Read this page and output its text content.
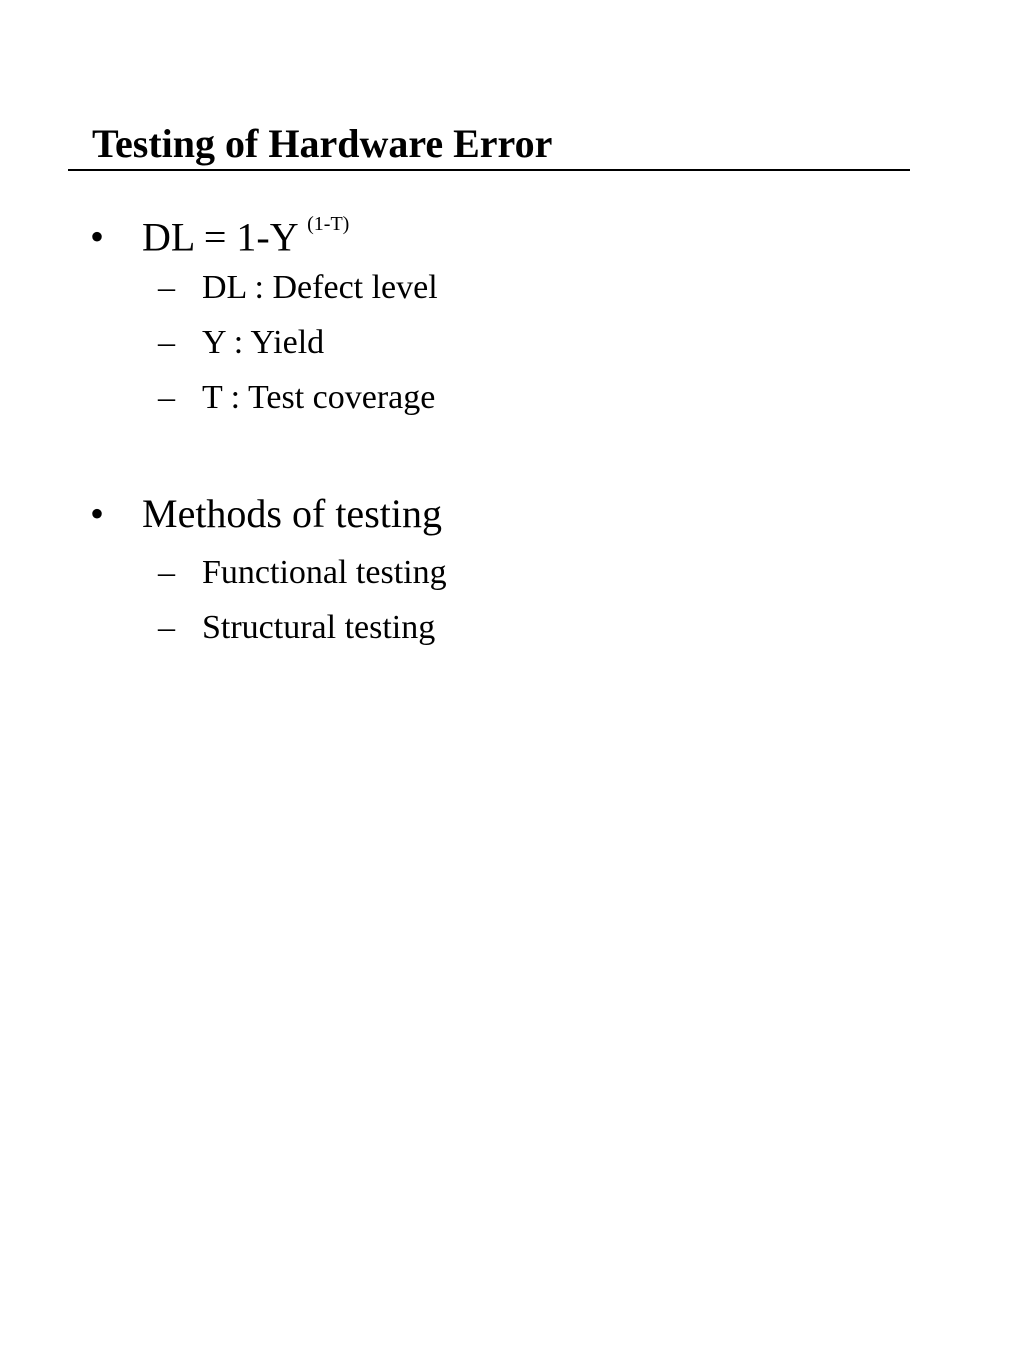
Testing of Hardware Error
• DL = 1-Y $^{(1-T)}$
– DL : Defect level
– Y : Yield
– T : Test coverage
• Methods of testing
– Functional testing
– Structural testing
